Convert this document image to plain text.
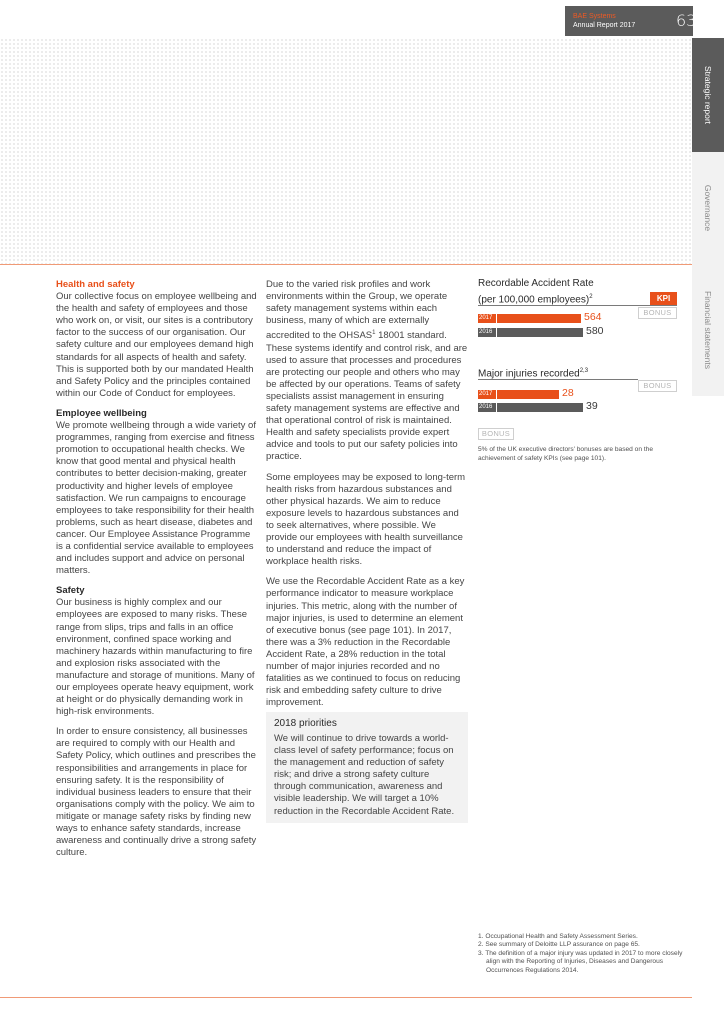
BAE Systems
Annual Report 2017	63
Strategic report
Governance
Financial statements
Health and safety

Our collective focus on employee wellbeing and the health and safety of employees and those who work on, or visit, our sites is a contributory factor to the success of our organisation. Our safety culture and our employees demand high standards for all aspects of health and safety. This is supported both by our mandated Health and Safety Policy and the principles contained within our Code of Conduct for employees.

Employee wellbeing

We promote wellbeing through a wide variety of programmes, ranging from exercise and fitness promotion to occupational health checks. We know that good mental and physical health contributes to better decision-making, greater productivity and higher levels of employee satisfaction. We run campaigns to encourage employees to take responsibility for their health problems, such as heart disease, diabetes and cancer. Our Employee Assistance Programme is a confidential service available to employees and includes support and advice on personal matters.

Safety

Our business is highly complex and our employees are exposed to many risks. These range from slips, trips and falls in an office environment, confined space working and machinery hazards within manufacturing to fire and explosion risks associated with the manufacture and storage of munitions. Many of our employees operate heavy equipment, work at height or do physically demanding work in high-risk environments.

In order to ensure consistency, all businesses are required to comply with our Health and Safety Policy, which outlines and prescribes the responsibilities and arrangements in place for ensuring safety. It is the responsibility of individual business leaders to ensure that their organisations comply with the policy. We aim to mitigate or manage safety risks by finding new ways to enhance safety standards, increase awareness and continually drive a strong safety culture.

Due to the varied risk profiles and work environments within the Group, we operate safety management systems within each business, many of which are externally accredited to the OHSAS$^1$ 18001 standard. These systems identify and control risk, and are used to assure that processes and procedures are protecting our people and others who may be affected by our operations. Teams of safety specialists assist management in ensuring safety management systems are effective and that operational control of risk is maintained. Health and safety specialists provide expert advice and tools to put our safety policies into practice.

Some employees may be exposed to long-term health risks from hazardous substances and other physical hazards. We aim to reduce exposure levels to hazardous substances and to seek alternatives, where possible. We provide our employees with health surveillance to understand and reduce the impact of workplace health risks.

We use the Recordable Accident Rate as a key performance indicator to measure workplace injuries. This metric, along with the number of major injuries, is used to determine an element of executive bonus (see page 101). In 2017, there was a 3% reduction in the Recordable Accident Rate, a 28% reduction in the total number of major injuries recorded and no fatalities as we continued to focus on reducing risk and embedding safety culture to drive improvement.

2018 priorities

We will continue to drive towards a world-class level of safety performance; focus on the management and reduction of safety risk; and drive a strong safety culture through communication, awareness and visible leadership. We will target a 10% reduction in the Recordable Accident Rate.

Recordable Accident Rate
(per 100,000 employees)$^2$	KPI
BONUS
2017	564
2016	580
Major injuries recorded$^{2,3}$
BONUS
2017	28
2016	39
BONUS
5% of the UK executive directors' bonuses are based on the achievement of safety KPIs (see page 101).
1. Occupational Health and Safety Assessment Series.
2. See summary of Deloitte LLP assurance on page 65.
3. The definition of a major injury was updated in 2017 to more closely align with the Reporting of Injuries, Diseases and Dangerous Occurrences Regulations 2014.
